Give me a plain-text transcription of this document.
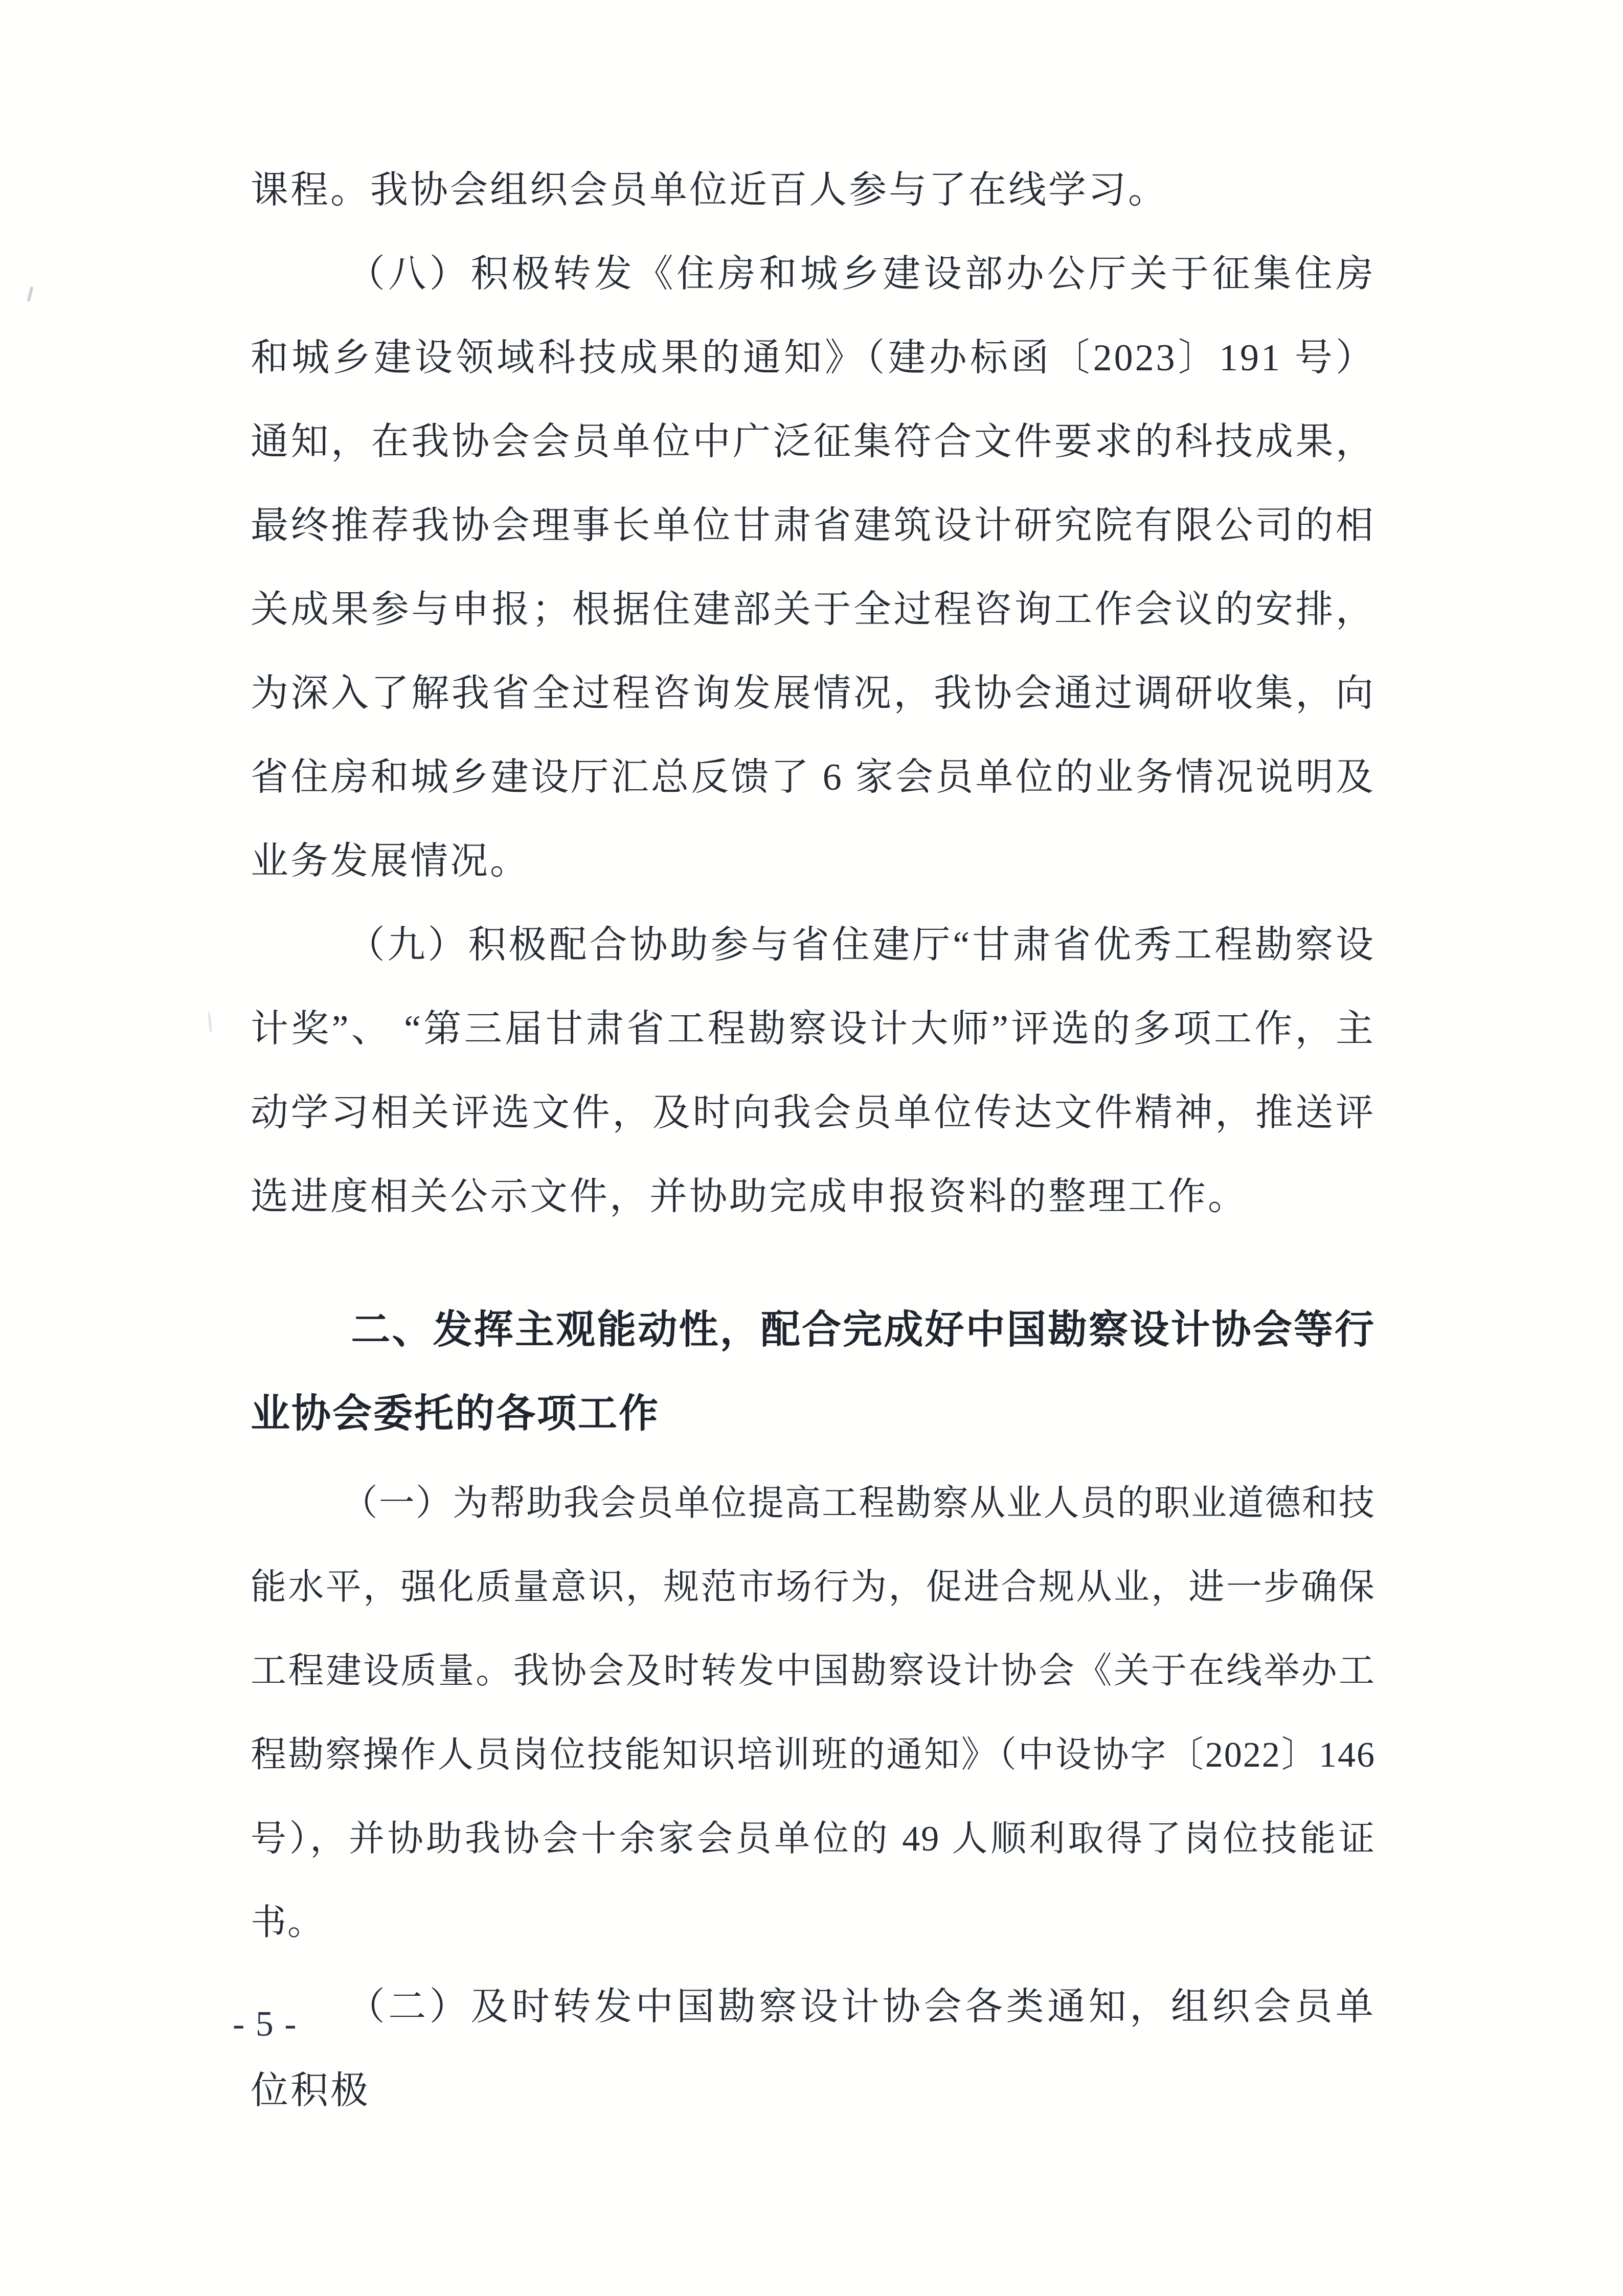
课程。我协会组织会员单位近百人参与了在线学习。

（八）积极转发《住房和城乡建设部办公厅关于征集住房和城乡建设领域科技成果的通知》（建办标函〔2023〕191 号）通知，在我协会会员单位中广泛征集符合文件要求的科技成果，最终推荐我协会理事长单位甘肃省建筑设计研究院有限公司的相关成果参与申报；根据住建部关于全过程咨询工作会议的安排，为深入了解我省全过程咨询发展情况，我协会通过调研收集，向省住房和城乡建设厅汇总反馈了 6 家会员单位的业务情况说明及业务发展情况。

（九）积极配合协助参与省住建厅“甘肃省优秀工程勘察设计奖”、 “第三届甘肃省工程勘察设计大师”评选的多项工作，主动学习相关评选文件，及时向我会员单位传达文件精神，推送评选进度相关公示文件，并协助完成申报资料的整理工作。

二、发挥主观能动性，配合完成好中国勘察设计协会等行业协会委托的各项工作

（一）为帮助我会员单位提高工程勘察从业人员的职业道德和技能水平，强化质量意识，规范市场行为，促进合规从业，进一步确保工程建设质量。我协会及时转发中国勘察设计协会《关于在线举办工程勘察操作人员岗位技能知识培训班的通知》（中设协字〔2022〕146 号），并协助我协会十余家会员单位的 49 人顺利取得了岗位技能证书。

（二）及时转发中国勘察设计协会各类通知，组织会员单位积极

- 5 -
